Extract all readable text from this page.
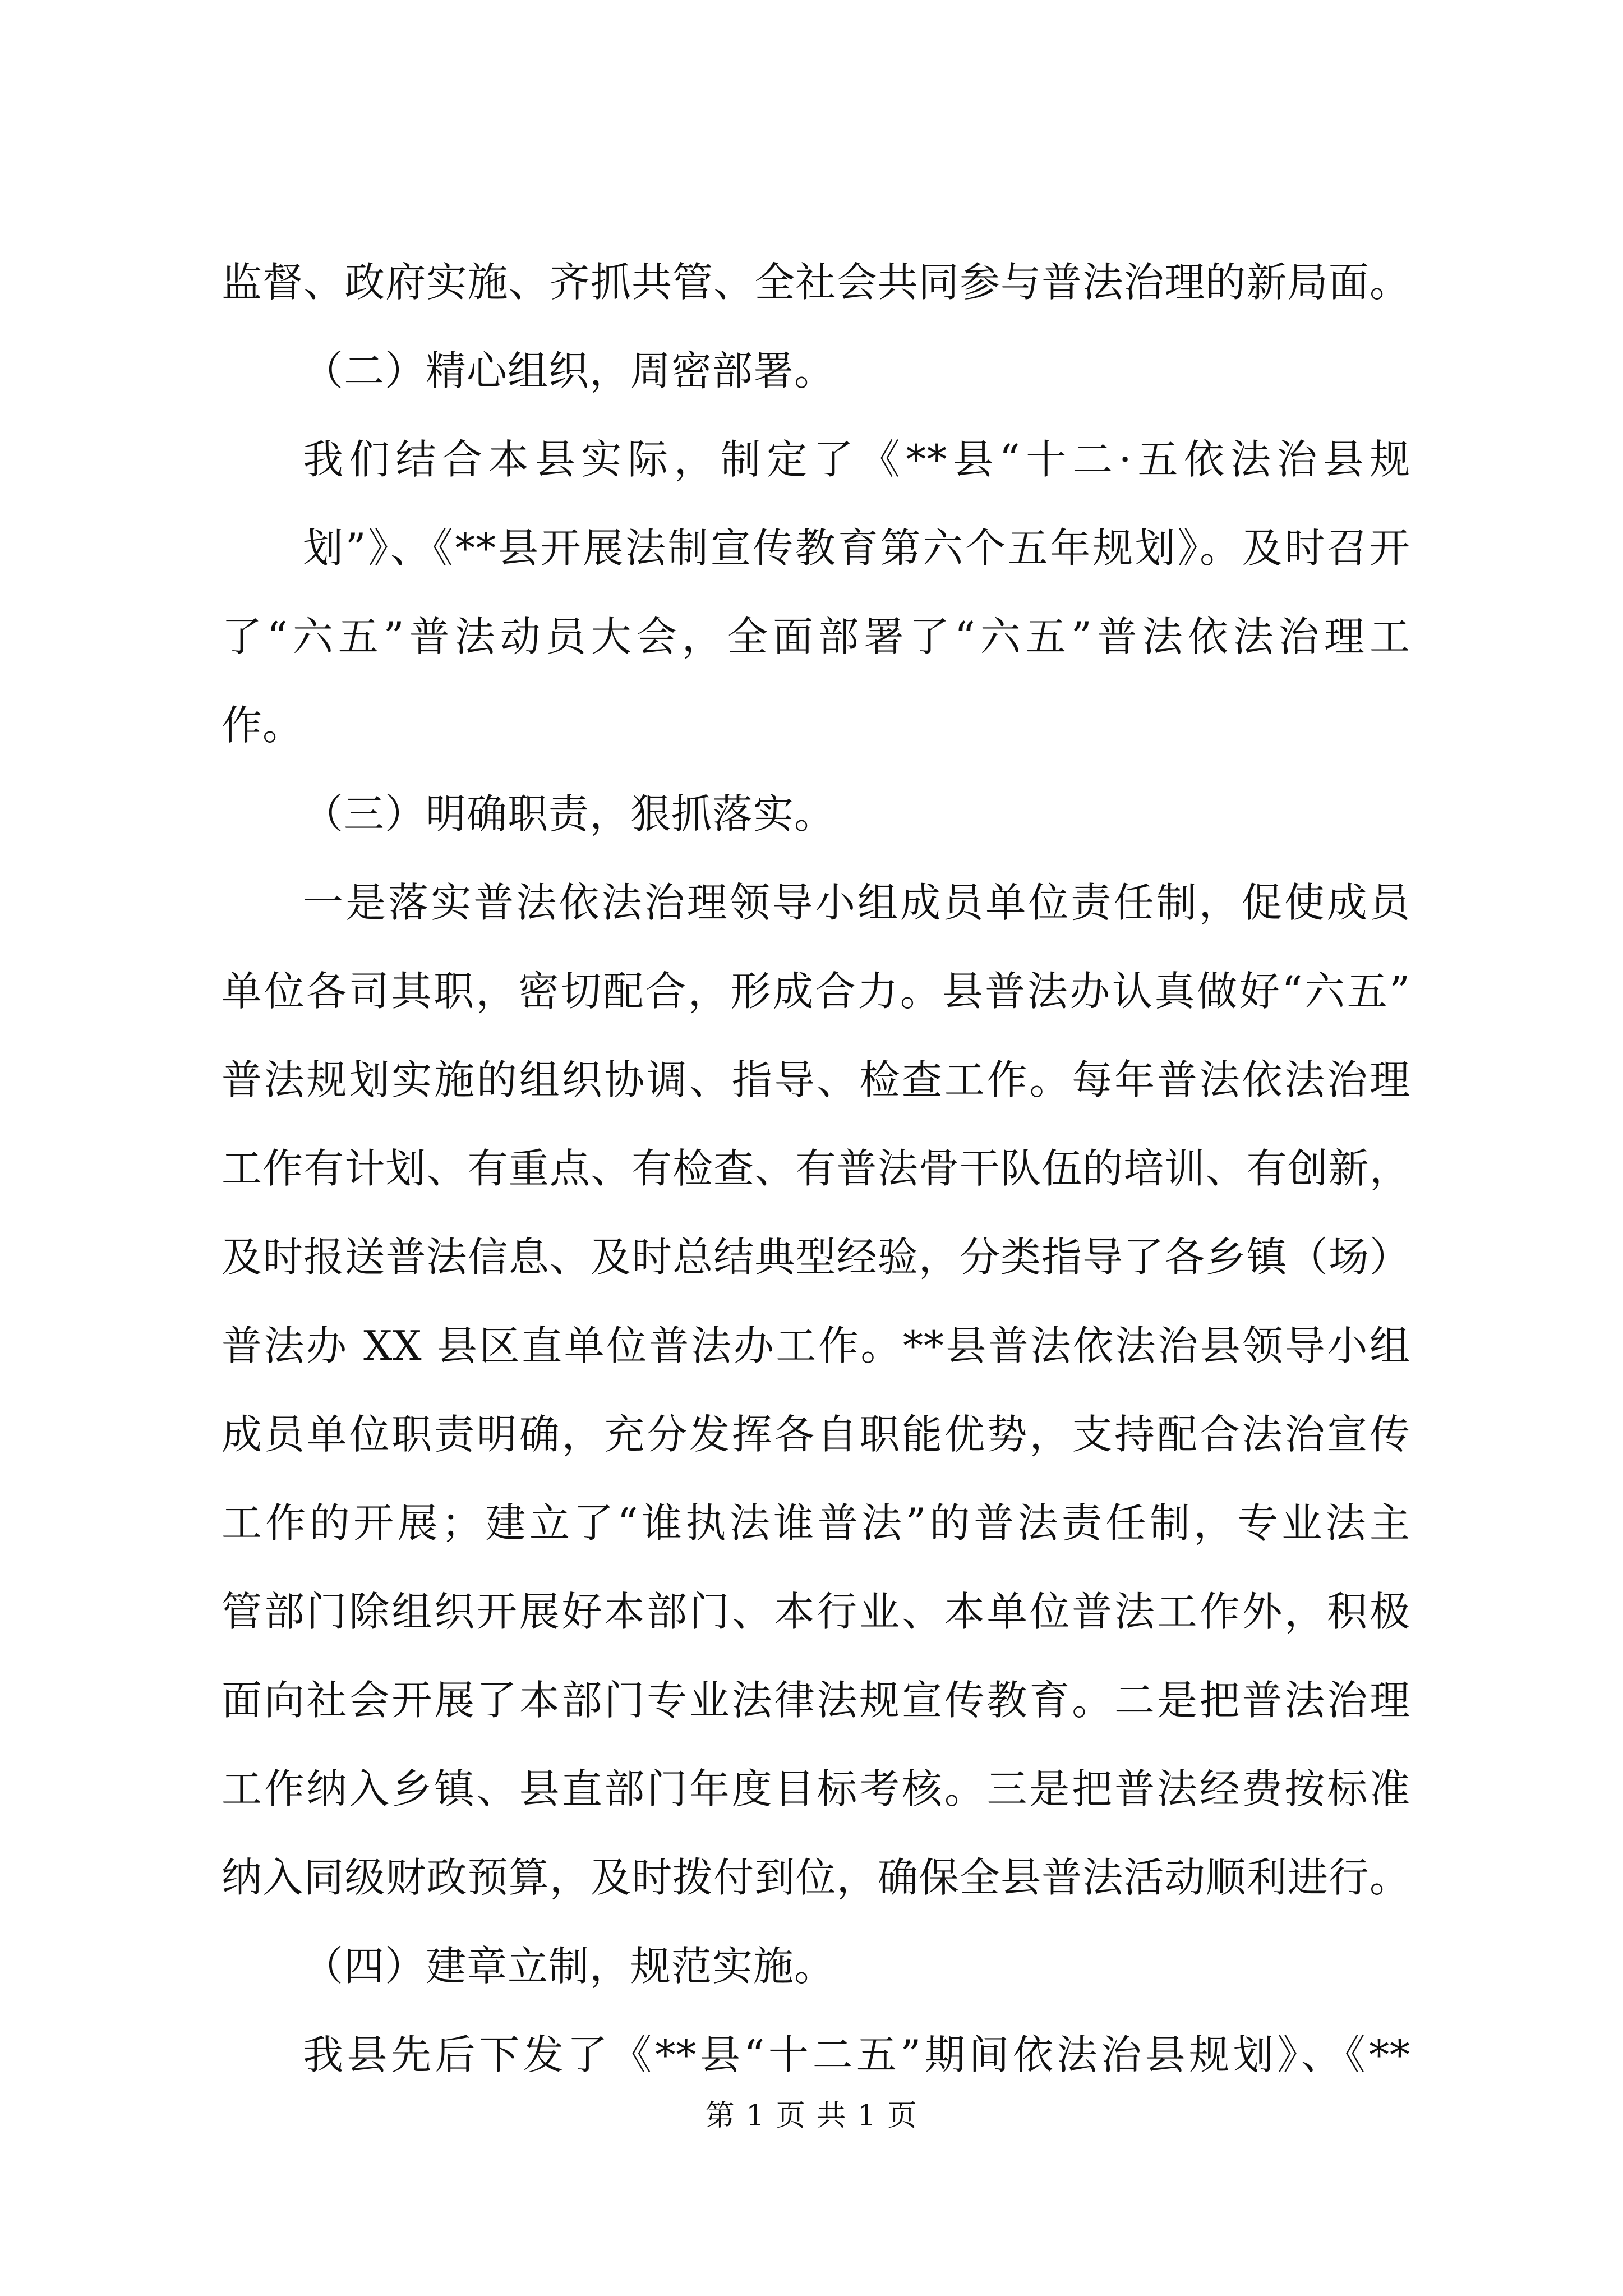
监督、政府实施、齐抓共管、全社会共同参与普法治理的新局面。
（二）精心组织，周密部署。
我们结合本县实际，制定了《**县“十二·五依法治县规
划”》、《**县开展法制宣传教育第六个五年规划》。及时召开
了“六五”普法动员大会，全面部署了“六五”普法依法治理工
作。
（三）明确职责，狠抓落实。
一是落实普法依法治理领导小组成员单位责任制，促使成员
单位各司其职，密切配合，形成合力。县普法办认真做好“六五”
普法规划实施的组织协调、指导、检查工作。每年普法依法治理
工作有计划、有重点、有检查、有普法骨干队伍的培训、有创新，
及时报送普法信息、及时总结典型经验，分类指导了各乡镇（场）
普法办 XX 县区直单位普法办工作。**县普法依法治县领导小组
成员单位职责明确，充分发挥各自职能优势，支持配合法治宣传
工作的开展；建立了“谁执法谁普法”的普法责任制，专业法主
管部门除组织开展好本部门、本行业、本单位普法工作外，积极
面向社会开展了本部门专业法律法规宣传教育。二是把普法治理
工作纳入乡镇、县直部门年度目标考核。三是把普法经费按标准
纳入同级财政预算，及时拨付到位，确保全县普法活动顺利进行。
（四）建章立制，规范实施。
我县先后下发了《**县“十二五”期间依法治县规划》、《**
第 1 页 共 1 页
